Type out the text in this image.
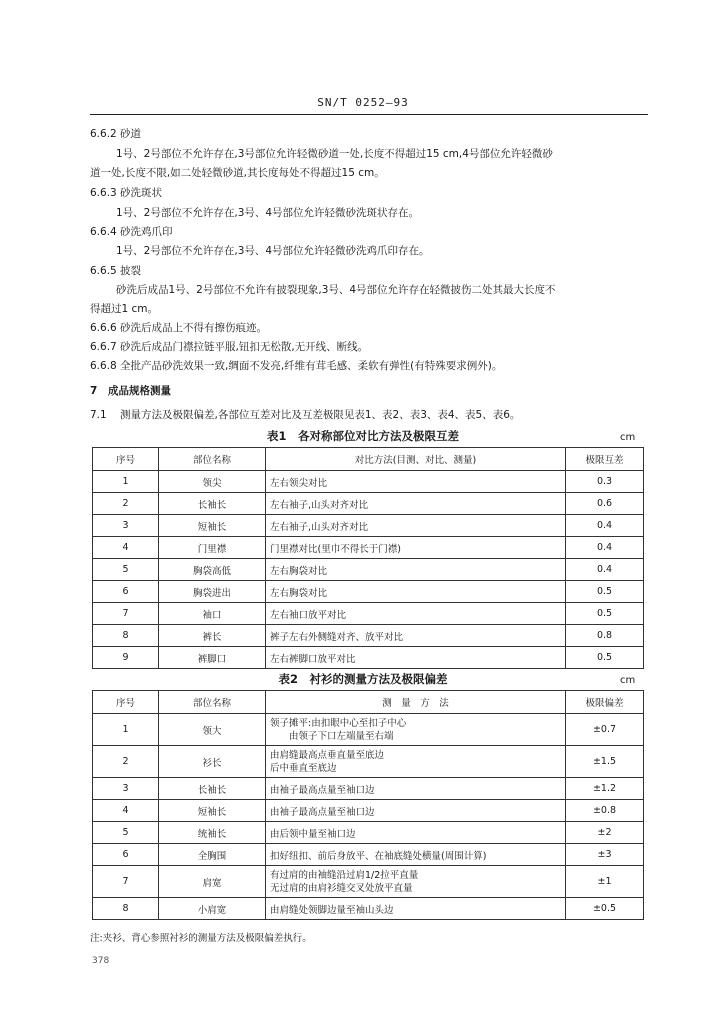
SN/T 0252—93
6.6.2 砂道
1号、2号部位不允许存在,3号部位允许轻微砂道一处,长度不得超过15 cm,4号部位允许轻微砂
道一处,长度不限,如二处轻微砂道,其长度每处不得超过15 cm。
6.6.3 砂洗斑状
1号、2号部位不允许存在,3号、4号部位允许轻微砂洗斑状存在。
6.6.4 砂洗鸡爪印
1号、2号部位不允许存在,3号、4号部位允许轻微砂洗鸡爪印存在。
6.6.5 披裂
砂洗后成品1号、2号部位不允许有披裂现象,3号、4号部位允许存在轻微披伤二处其最大长度不
得超过1 cm。
6.6.6 砂洗后成品上不得有擦伤痕迹。
6.6.7 砂洗后成品门襟拉链平服,钮扣无松散,无开线、断线。
6.6.8 全批产品砂洗效果一致,绸面不发亮,纤维有茸毛感、柔软有弹性(有特殊要求例外)。
7 成品规格测量
7.1 测量方法及极限偏差,各部位互差对比及互差极限见表1、表2、表3、表4、表5、表6。
表1　各对称部位对比方法及极限互差	cm
序号	部位名称	对比方法(目测、对比、测量)	极限互差
1	领尖	左右领尖对比	0.3
2	长袖长	左右袖子,山头对齐对比	0.6
3	短袖长	左右袖子,山头对齐对比	0.4
4	门里襟	门里襟对比(里巾不得长于门襟)	0.4
5	胸袋高低	左右胸袋对比	0.4
6	胸袋进出	左右胸袋对比	0.5
7	袖口	左右袖口放平对比	0.5
8	裤长	裤子左右外侧缝对齐、放平对比	0.8
9	裤脚口	左右裤脚口放平对比	0.5
表2　衬衫的测量方法及极限偏差	cm
序号	部位名称	测　量　方　法	极限偏差
1	领大	领子摊平:由扣眼中心至扣子中心
　　由领子下口左端量至右端	±0.7
2	衫长	由肩缝最高点垂直量至底边
后中垂直至底边	±1.5
3	长袖长	由袖子最高点量至袖口边	±1.2
4	短袖长	由袖子最高点量至袖口边	±0.8
5	统袖长	由后领中量至袖口边	±2
6	全胸围	扣好纽扣、前后身放平、在袖底缝处横量(周围计算)	±3
7	肩宽	有过肩的由袖缝沿过肩1/2拉平直量
无过肩的由肩衫缝交叉处放平直量	±1
8	小肩宽	由肩缝处领脚边量至袖山头边	±0.5
注:夹衫、背心参照衬衫的测量方法及极限偏差执行。
378
